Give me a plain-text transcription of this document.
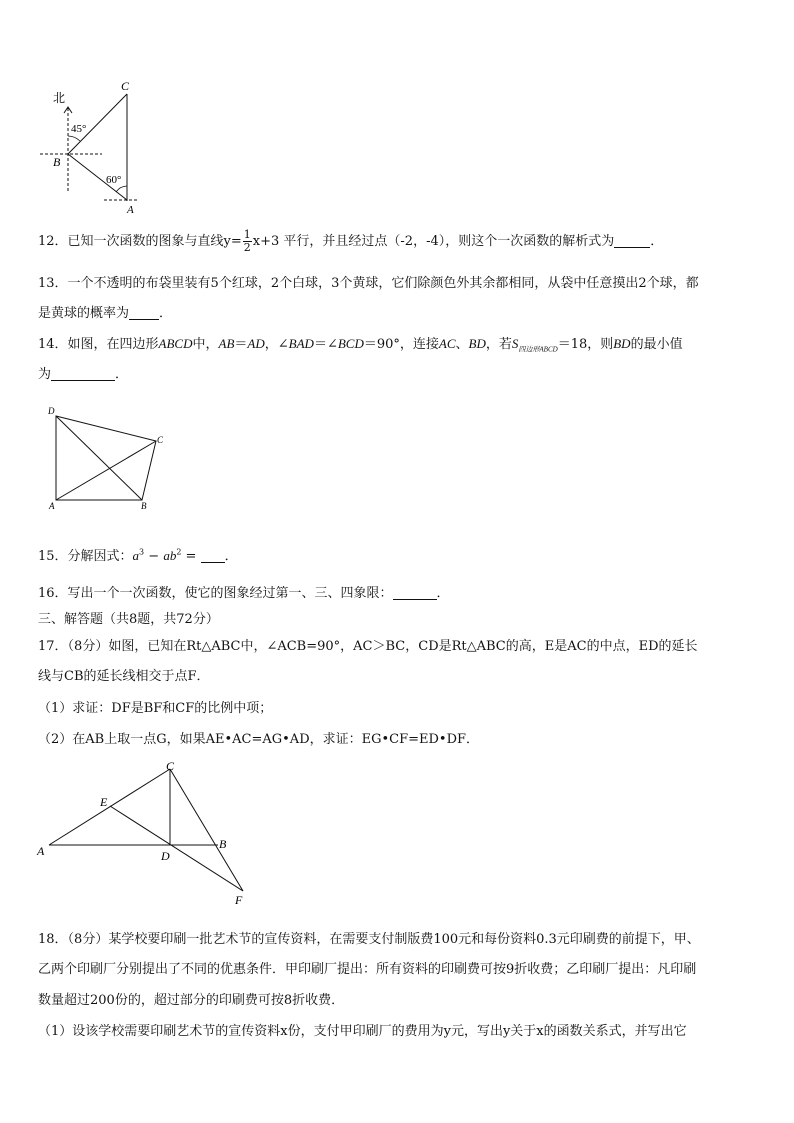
北
45°
60°
B
C
A
12．已知一次函数的图象与直线$y= \frac{1}{2} x+3$ 平行，并且经过点（-2，-4），则这个一次函数的解析式为	．
13．一个不透明的布袋里装有5个红球，2个白球，3个黄球，它们除颜色外其余都相同，从袋中任意摸出2个球，都
是黄球的概率为 ．
14．如图，在四边形ABCD中，AB＝AD，∠BAD＝∠BCD＝90°，连接AC、BD，若$S_{四边形ABCD}=18$，则BD的最小值
为	．
D
C
A	B
15．分解因式：$a^3 - ab^2$ = ．
16．写出一个一次函数，使它的图象经过第一、三、四象限：	．
三、解答题（共8题，共72分）
17．（8分）如图，已知在Rt△ABC中，∠ACB=90°，AC＞BC，CD是Rt△ABC的高，E是AC的中点，ED的延长
线与CB的延长线相交于点F．
（1）求证：DF是BF和CF的比例中项；
（2）在AB上取一点G，如果AE•AC=AG•AD，求证：EG•CF=ED•DF．
C
E
A	D
B
F
18．（8分）某学校要印刷一批艺术节的宣传资料，在需要支付制版费100元和每份资料0.3元印刷费的前提下，甲、
乙两个印刷厂分别提出了不同的优惠条件．甲印刷厂提出：所有资料的印刷费可按9折收费；乙印刷厂提出：凡印刷
数量超过200份的，超过部分的印刷费可按8折收费．
（1）设该学校需要印刷艺术节的宣传资料x份，支付甲印刷厂的费用为y元，写出y关于x的函数关系式，并写出它
